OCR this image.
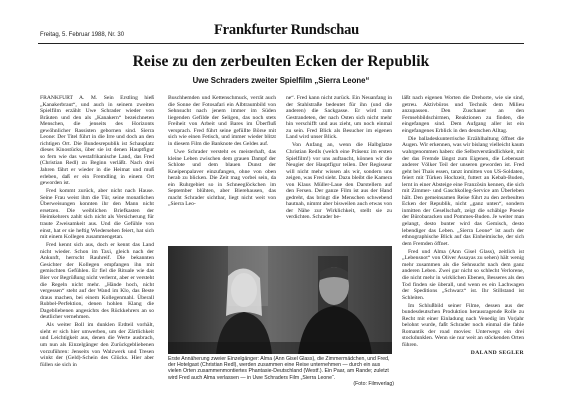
Freitag, 5. Februar 1988, Nr. 30	Frankfurter Rundschau
Reise zu den zerbeulten Ecken der Republik
Uwe Schraders zweiter Spielfilm „Sierra Leone“

FRANKFURT A. M. Sein Erstling hieß „Kanakerbraut“, und auch in seinem zweiten Spielfilm erzählt Uwe Schrader wieder von Bräuten und den als „Kanakern“ bezeichneten Menschen, die jenseits des Horizonts gewöhnlicher Rassisten gebornen sind. Sierra Leone: Der Titel führt in die Irre und doch an den richtigen Ort. Die Bundesrepublik ist Schauplatz dieses Kinostücks, über sie ist denen Hauptfigur so fern wie das westafrikanische Land, das Fred (Christian Redl) zu Beginn verläßt. Nach drei Jahren fährt er wieder in die Heimat und muß erleben, daß er ein Fremdling in einem Ort geworden ist.

Fred kommt zurück, aber nicht nach Hause. Seine Frau weist ihm die Tür, seine monatlichen Überweisungen konnten ihr den Mann nicht ersetzen. Die weiblichen Briefkasten der Heimkehrers zahlt sich nicht als Versicherung für traute Zweisamkeit aus. Und die Gefühle von einst, hat er sie heftig Wiedersehen feiert, hat sich mit einem Kollegen zusammengetan.

Fred kennt sich aus, doch er kennt das Land nicht wieder. Schon im Taxi, gleich nach der Ankunft, herrscht Rauhreif. Die bekannten Gesichter der Kollegen empfangen ihn mit gemischten Gefühlen. Er fiel die Rituale wie das Bier vor Begrüßung nicht verlernt, aber er versteht die Regeln nicht mehr. „Hände hoch, nicht vergessen“ steht auf der Wand im Klo, das Beste draus machen, bei einem Kollegenmahl. Überall Rubbel-Perfektion, denen hohlen Klang die Dagebliebenen angesichts des Rückkehrers an so deutlicher vernehmen.

Als weiter Boll im dunklen Erdteil vorhält, sieht er sich hier umwerben, um der Zärtlichkeit und Leichtigkeit aus, denen die Werte ausbrach, um nun als Einzelgänger den Zurückgebliebenen vorzuführen: Jenseits von Walzwerk und Tresen winkt der (Geld)-Schein des Glücks. Hier aber füllen sie sich in

Buschhemden und Kettenschmuck, verrät auch die Sonne der Fotosafari ein Albtraumbild von Sehnsucht nach jenem immer im Süden liegenden Gefilde der Seligen, das noch stets Freiheit von Arbeit und Bares im Überfluß versprach. Fred führt seine gefüllte Börse mit sich wie einen Fetisch, und immer wieder blitzt in diesem Film die Banknote des Geldes auf.

Uwe Schrader versteht es meisterhaft, das kleine Leben zwischen dem grauen Dampf der Schlote und dem blauen Dunst der Kneipenpalaver einzufangen, ohne von oben herab zu blicken. Die Zeit mag vorbei sein, da ein Ruhrgebiet so in Schneeglöckchen im September blühten, aber Bierehausen, das macht Schrader sichtbar, liegt nicht weit von „Sierra Leo-

ne“. Fred kann nicht zurück. Ein Neuanfang in der Stahlstraße bedeutet für ihn (und die anderen) die Sackgasse. Er wird zum Gestrandeten, der nach Osten sich nicht mehr hin verschifft und aus zieht, um noch einmal zu sein. Fred Blick als Besucher im eigenen Land wird unser Blick.

Von Anfang an, wenn die Halbglatze Christian Redls (welch eine Präsenz im ersten Spielfilm!) vor uns auftaucht, können wir die Neugier der Hauptfigur teilen. Der Regisseur will nicht mehr wissen als wir, sondern uns zeigen, was Fred sieht. Dazu bleibt die Kamera von Klaus Müller-Laue den Darstellern auf den Fersen. Der ganze Film ist aus der Hand gedreht, das bringt die Menschen schwebend hautnah, nimmt aber bisweilen auch etwas von der Nähe zur Wirklichkeit, stellt sie zu verdichten. Schrader be-

läßt nach eigenen Worten die Drehorte, wie sie sind, getreu. Aktivbüros und Technik dem Milieu anzupassen. Den Zuschauer an den Fernsehbildschirmen, Reaktionen zu finden, die eingefangen sind. Dem Aufgang aller ist ein eingefangenes Erblick in den deutschen Alltag.

Die balladeskunterrische Erzählhaltung öffnet die Augen. Wir erkennen, was wir bislang vielleicht kaum wahrgenommen haben: die Selbstverständlichkeit, mit der das Fremde längst zum Eigenen, die Lebensart anderer Völker Teil der unseren geworden ist. Fred geht bei Thais essen, tanzt inmitten von US-Soldaten, feiert mit Türken Hochzeit, futtert an Kebab-Buden, lernt in einer Absteige eine Französin kennen, die sich mit Zimmer- und Gaschkolleg-Service am Überleben hält. Den gemeinsamen Reise führt zu den zerbeulten Ecken der Republik, nicht „ganz unten“, sondern inmitten der Gesellschaft, zeigt die schäbige Poesie der Bürobaracken und Pommes-Buden. Je weiter man gelangt, desto bunter wird das Gemisch, desto lebendiger das Leben. „Sierra Leone“ ist auch der ethnographische Blick auf das Einheimische, der sich dem Fremden öffnet.

Fred und Alma (Ann Gisel Glass), zeitlich ist „Lebensnot“ von Oliver Assayas zu sehen) hält wenig mehr zusammen als die Sehnsucht nach dem ganz anderen Leben. Zwei gar nicht so schlecht Verlorene, die nicht mehr in wirklichen Ebenen, Besseres als den Tod finden sie überall, und wenn es ein Lachwagen der Speditions „Schwarz“ ist. Ihr Stillstand ist Schleiten.

Im Schlußbild seiner Filme, dessen aus der bundesdeutschen Produktion herausragende Rolle zu Recht mit einer Einladung nach Venedig im Vorjahr belohnt wurde, faßt Schrader noch einmal die fahle Romantik der road movies: Unterwegs ein drei stockdunklen. Wenn sie nur weit an stöckenden Orten führen.

DALAND SEGLER

Erste Annäherung zweier Einzelgänger: Alma (Ann Gisel Glass), die Zimmermädchen, und Fred, der Hotelgast (Christian Redl), werden zusammen eine Reise unternehmen — durch ein aus vielen Orten zusammenmontiertes Phantasie-Deutschland (Westf.). Ein Paar, am Rande; zuletzt wird Fred auch Alma verlassen — in Uwe Schraders Film „Sierra Leone“.
(Foto: Filmverlag)
